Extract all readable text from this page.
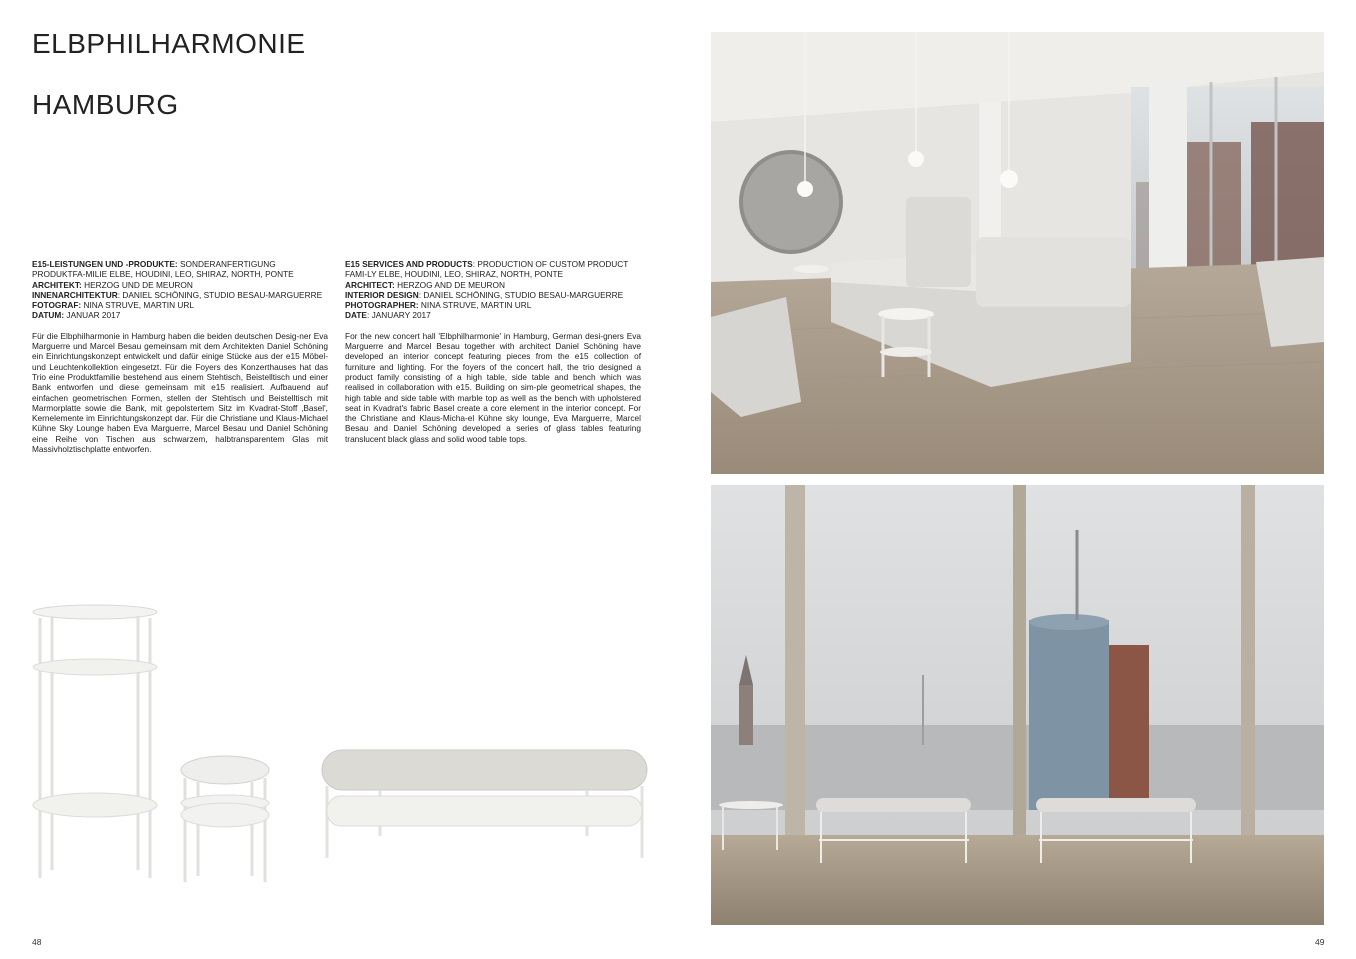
ELBPHILHARMONIE
HAMBURG
E15-LEISTUNGEN UND -PRODUKTE: SONDERANFERTIGUNG PRODUKTFA-MILIE ELBE, HOUDINI, LEO, SHIRAZ, NORTH, PONTE
ARCHITEKT: HERZOG UND DE MEURON
INNENARCHITEKTUR: DANIEL SCHÖNING, STUDIO BESAU-MARGUERRE
FOTOGRAF: NINA STRUVE, MARTIN URL
DATUM: JANUAR 2017
Für die Elbphilharmonie in Hamburg haben die beiden deutschen Desig-ner Eva Marguerre und Marcel Besau gemeinsam mit dem Architekten Daniel Schöning ein Einrichtungskonzept entwickelt und dafür einige Stücke aus der e15 Möbel- und Leuchtenkollektion eingesetzt. Für die Foyers des Konzerthauses hat das Trio eine Produktfamilie bestehend aus einem Stehtisch, Beistelltisch und einer Bank entworfen und diese gemeinsam mit e15 realisiert. Aufbauend auf einfachen geometrischen Formen, stellen der Stehtisch und Beistelltisch mit Marmorplatte sowie die Bank, mit gepolstertem Sitz im Kvadrat-Stoff ‚Basel', Kernelemente im Einrichtungskonzept dar. Für die Christiane und Klaus-Michael Kühne Sky Lounge haben Eva Marguerre, Marcel Besau und Daniel Schöning eine Reihe von Tischen aus schwarzem, halbtransparentem Glas mit Massivholztischplatte entworfen.
E15 SERVICES AND PRODUCTS: PRODUCTION OF CUSTOM PRODUCT FAMI-LY ELBE, HOUDINI, LEO, SHIRAZ, NORTH, PONTE
ARCHITECT: HERZOG AND DE MEURON
INTERIOR DESIGN: DANIEL SCHÖNING, STUDIO BESAU-MARGUERRE
PHOTOGRAPHER: NINA STRUVE, MARTIN URL
DATE: JANUARY 2017
For the new concert hall 'Elbphilharmonie' in Hamburg, German desi-gners Eva Marguerre and Marcel Besau together with architect Daniel Schöning have developed an interior concept featuring pieces from the e15 collection of furniture and lighting. For the foyers of the concert hall, the trio designed a product family consisting of a high table, side table and bench which was realised in collaboration with e15. Building on sim-ple geometrical shapes, the high table and side table with marble top as well as the bench with upholstered seat in Kvadrat's fabric Basel create a core element in the interior concept. For the Christiane and Klaus-Micha-el Kühne sky lounge, Eva Marguerre, Marcel Besau and Daniel Schöning developed a series of glass tables featuring translucent black glass and solid wood table tops.
48	49
